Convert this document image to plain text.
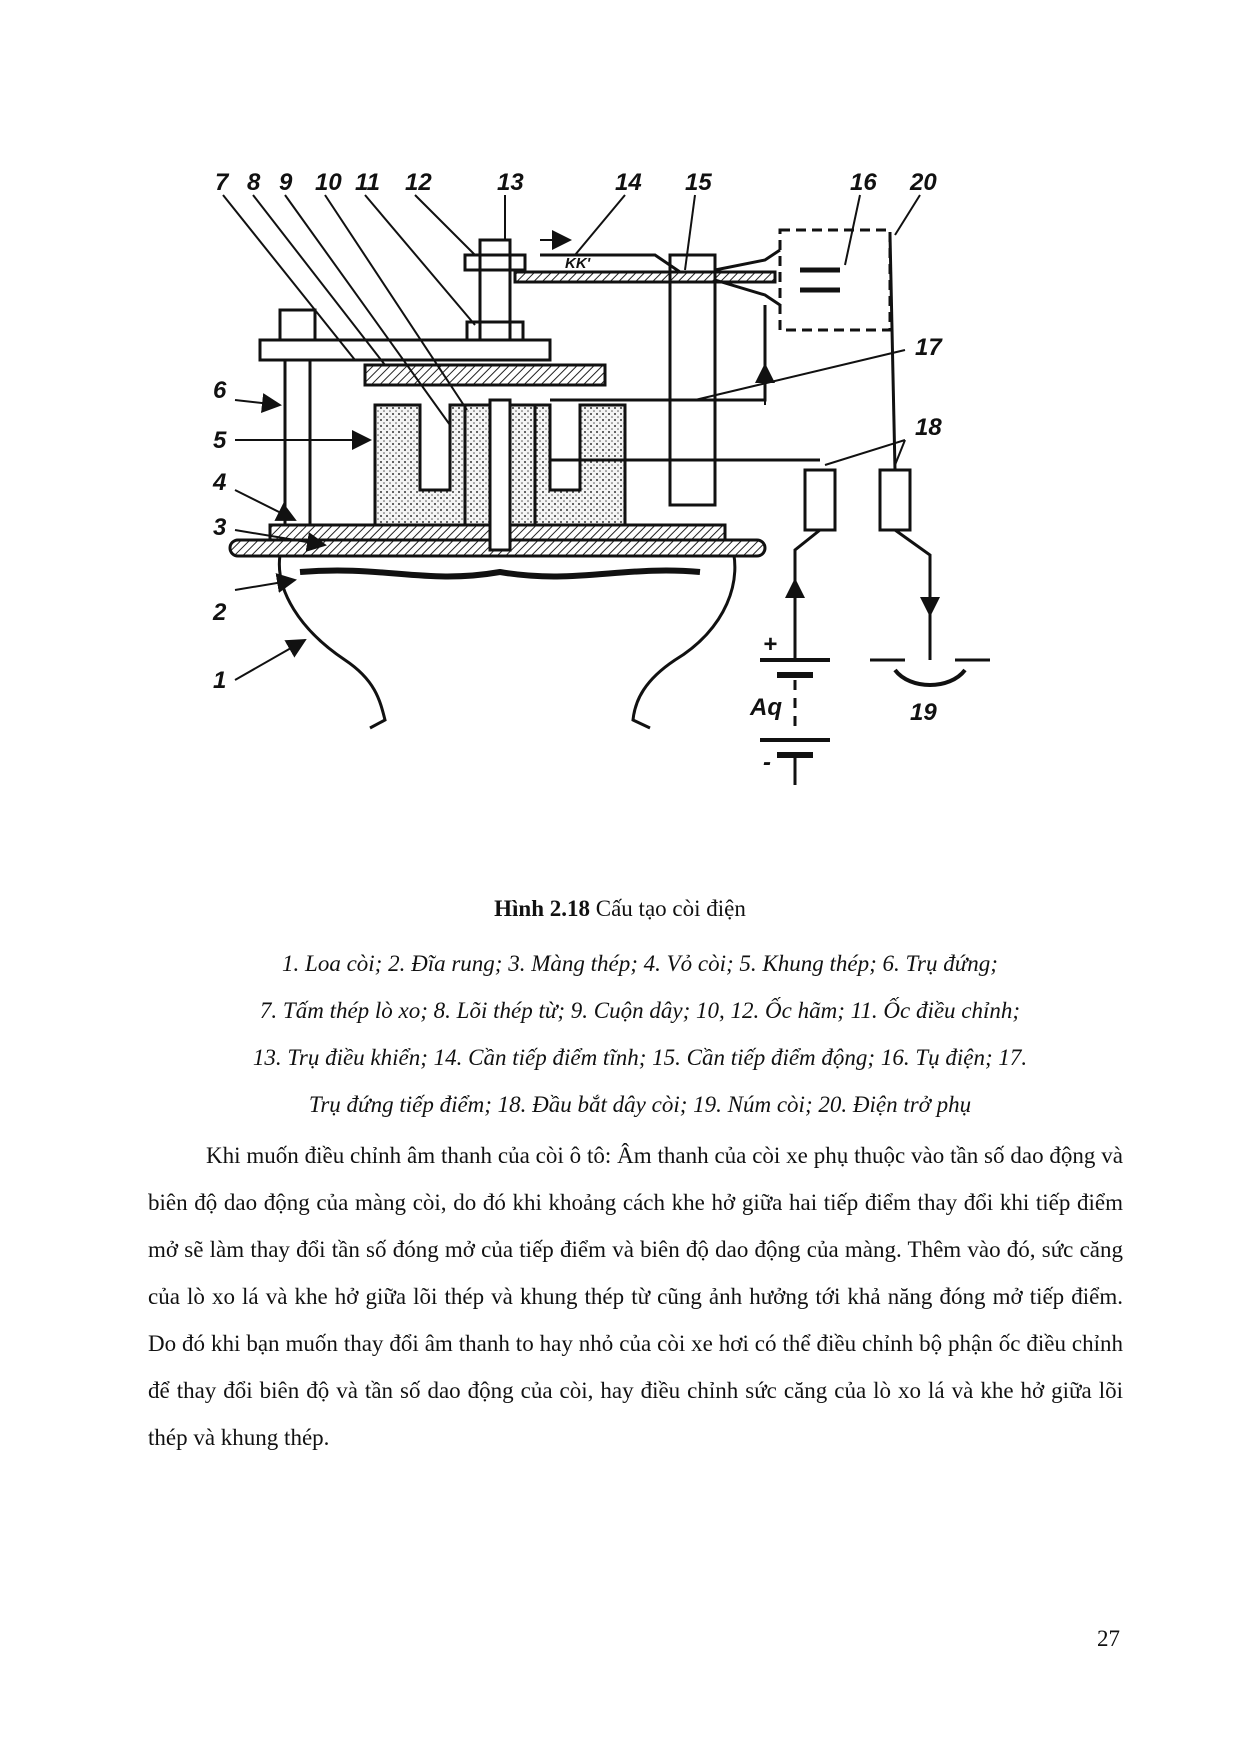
7 8 9 10 11 12	13	14 15	16 20
17
18
6
5
4
3
2
1
19
KK'
Aq
+
-
Hình 2.18 Cấu tạo còi điện
1. Loa còi; 2. Đĩa rung; 3. Màng thép; 4. Vỏ còi; 5. Khung thép; 6. Trụ đứng;
7. Tấm thép lò xo; 8. Lõi thép từ; 9. Cuộn dây; 10, 12. Ốc hãm; 11. Ốc điều chỉnh;
13. Trụ điều khiển; 14. Cần tiếp điểm tĩnh; 15. Cần tiếp điểm động; 16. Tụ điện; 17.
Trụ đứng tiếp điểm; 18. Đầu bắt dây còi; 19. Núm còi; 20. Điện trở phụ

Khi muốn điều chỉnh âm thanh của còi ô tô: Âm thanh của còi xe phụ thuộc vào tần số dao động và biên độ dao động của màng còi, do đó khi khoảng cách khe hở giữa hai tiếp điểm thay đổi khi tiếp điểm mở sẽ làm thay đổi tần số đóng mở của tiếp điểm và biên độ dao động của màng. Thêm vào đó, sức căng của lò xo lá và khe hở giữa lõi thép và khung thép từ cũng ảnh hưởng tới khả năng đóng mở tiếp điểm. Do đó khi bạn muốn thay đổi âm thanh to hay nhỏ của còi xe hơi có thể điều chỉnh bộ phận ốc điều chỉnh để thay đổi biên độ và tần số dao động của còi, hay điều chỉnh sức căng của lò xo lá và khe hở giữa lõi thép và khung thép.

27
